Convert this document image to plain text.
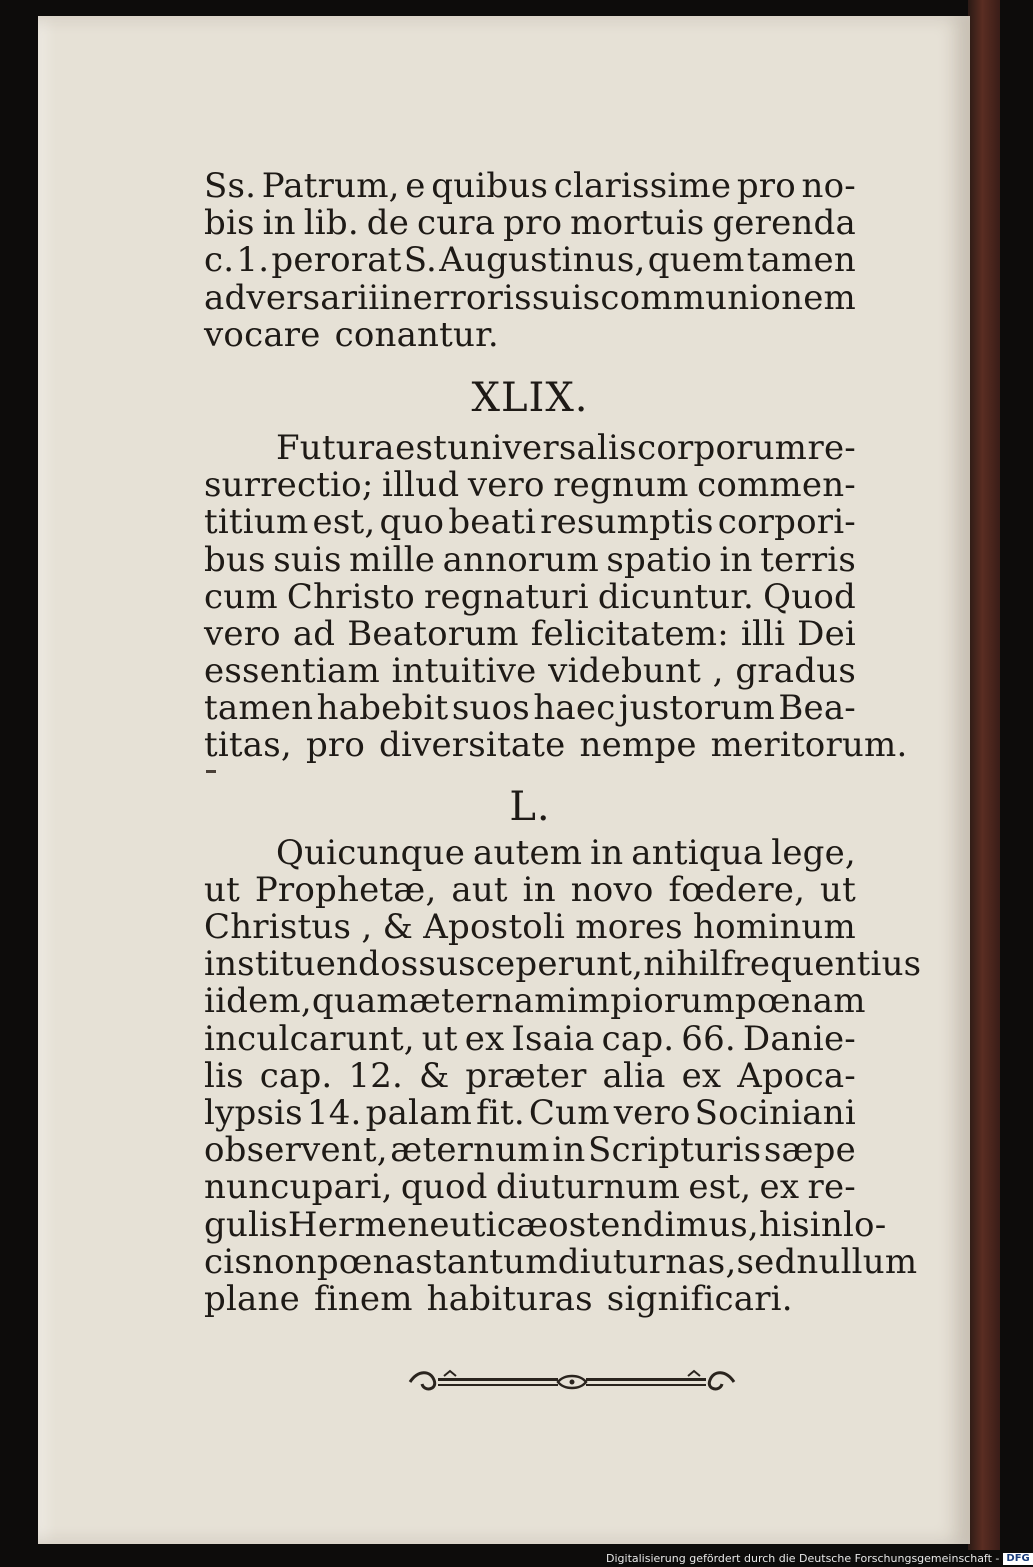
Ss. Patrum, e quibus clarissime pro no-
bis in lib. de cura pro mortuis gerenda
c. 1. perorat S. Augustinus, quem tamen
adversarii in erroris suis communionem
vocare conantur.
XLIX.
Futura est universalis corporum re-
surrectio; illud vero regnum commen-
titium est, quo beati resumptis corpori-
bus suis mille annorum spatio in terris
cum Christo regnaturi dicuntur. Quod
vero ad Beatorum felicitatem: illi Dei
essentiam intuitive videbunt , gradus
tamen habebit suos haec justorum Bea-
titas, pro diversitate nempe meritorum.
L.
Quicunque autem in antiqua lege,
ut Prophetæ, aut in novo fœdere, ut
Christus , & Apostoli mores hominum
instituendos susceperunt, nihil frequentius
iidem, quam æternam impiorum pœnam
inculcarunt, ut ex Isaia cap. 66. Danie-
lis cap. 12. & præter alia ex Apoca-
lypsis 14. palam fit. Cum vero Sociniani
observent, æternum in Scripturis sæpe
nuncupari, quod diuturnum est, ex re-
gulis Hermeneuticæ ostendimus, his in lo-
cis non pœnas tantum diuturnas, sed nullum
plane finem habituras significari.
Digitalisierung gefördert durch die Deutsche Forschungsgemeinschaft - DFG
